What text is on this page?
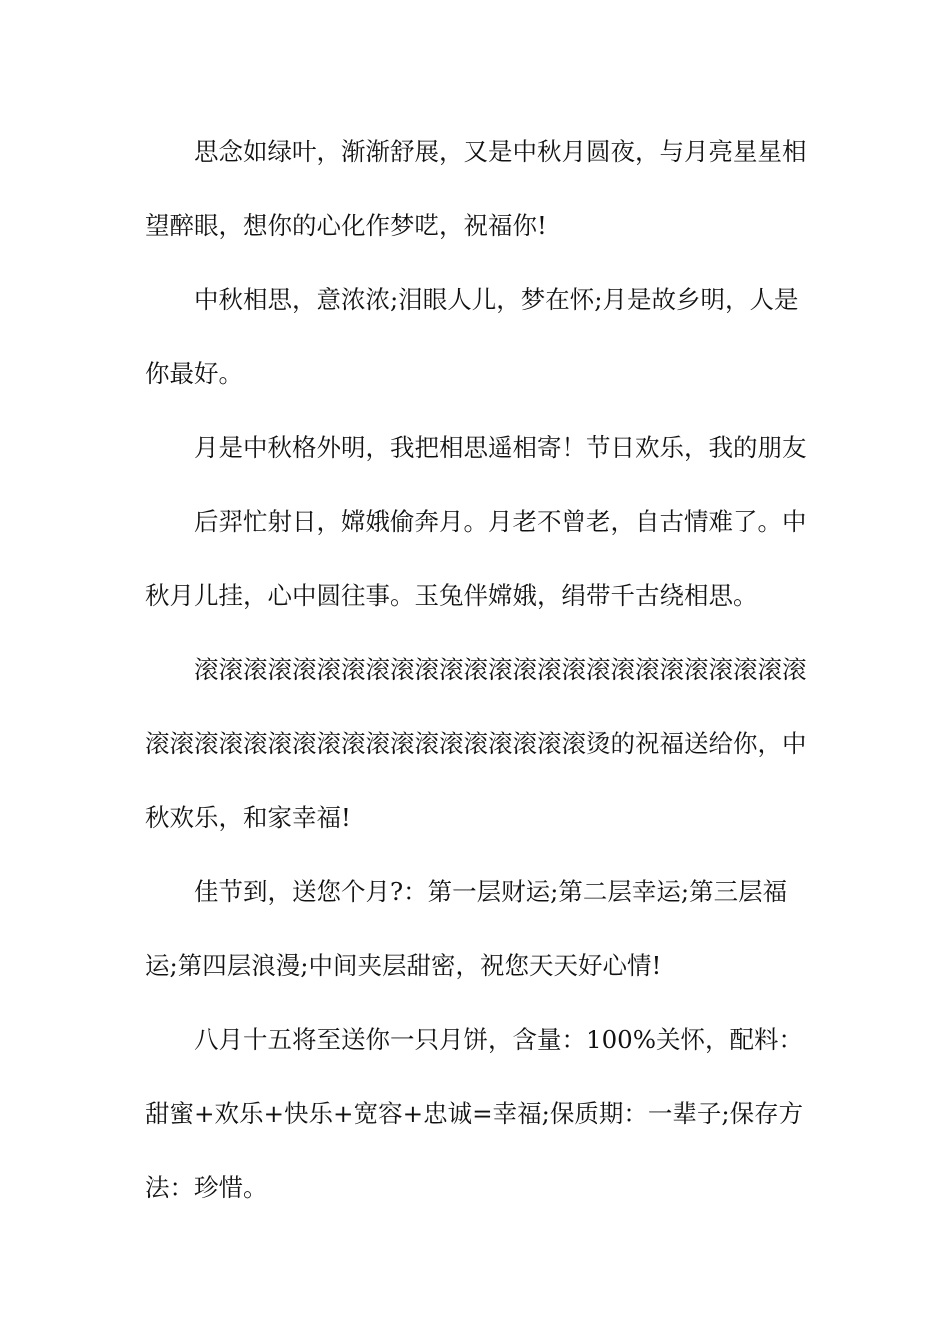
思念如绿叶，渐渐舒展，又是中秋月圆夜，与月亮星星相望醉眼，想你的心化作梦呓，祝福你!

中秋相思，意浓浓;泪眼人儿，梦在怀;月是故乡明，人是你最好。

月是中秋格外明，我把相思遥相寄！节日欢乐，我的朋友

后羿忙射日，嫦娥偷奔月。月老不曾老，自古情难了。中秋月儿挂，心中圆往事。玉兔伴嫦娥，绢带千古绕相思。

滚滚滚滚滚滚滚滚滚滚滚滚滚滚滚滚滚滚滚滚滚滚滚滚滚滚滚滚滚滚滚滚滚滚滚滚滚滚滚滚滚滚滚烫的祝福送给你，中秋欢乐，和家幸福!

佳节到，送您个月?：第一层财运;第二层幸运;第三层福运;第四层浪漫;中间夹层甜密，祝您天天好心情!

八月十五将至送你一只月饼，含量：100%关怀，配料：甜蜜+欢乐+快乐+宽容+忠诚=幸福;保质期：一辈子;保存方法：珍惜。
